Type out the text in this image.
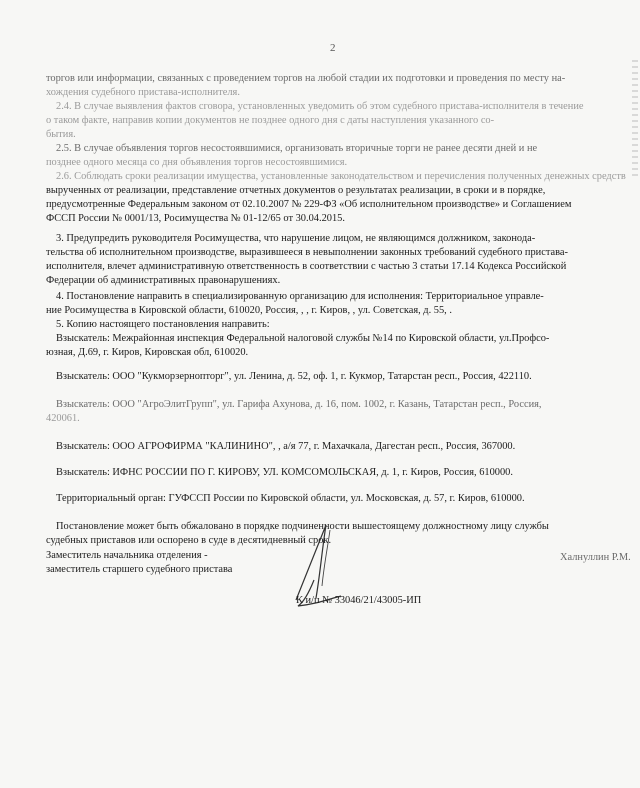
2
торгов или информации, связанных с проведением торгов на любой стадии их подготовки и проведения по месту на-
хождения судебного пристава-исполнителя.
2.4. В случае выявления фактов сговора, установленных уведомить об этом судебного пристава-исполнителя в течение
о таком факте, направив копии документов не позднее одного дня с даты наступления указанного со-
бытия.
2.5. В случае объявления торгов несостоявшимися, организовать вторичные торги не ранее десяти дней и не
позднее одного месяца со дня объявления торгов несостоявшимися.
2.6. Соблюдать сроки реализации имущества, установленные законодательством и перечисления полученных денежных средств
вырученных от реализации, представление отчетных документов о результатах реализации, в сроки и в порядке,
предусмотренные Федеральным законом от 02.10.2007 № 229-ФЗ «Об исполнительном производстве» и Соглашением
ФССП России № 0001/13, Росимущества № 01-12/65 от 30.04.2015.
3. Предупредить руководителя Росимущества, что нарушение лицом, не являющимся должником, законода-
тельства об исполнительном производстве, выразившееся в невыполнении законных требований судебного пристава-
исполнителя, влечет административную ответственность в соответствии с частью 3 статьи 17.14 Кодекса Российской
Федерации об административных правонарушениях.
4. Постановление направить в специализированную организацию для исполнения: Территориальное управле-
ние Росимущества в Кировской области, 610020, Россия, , , г. Киров, , ул. Советская, д. 55, .
5. Копию настоящего постановления направить:
Взыскатель: Межрайонная инспекция Федеральной налоговой службы №14 по Кировской области, ул.Профсо-
юзная, Д.69, г. Киров, Кировская обл, 610020.
Взыскатель: ООО "Кукморзернопторг", ул. Ленина, д. 52, оф. 1, г. Кукмор, Татарстан респ., Россия, 422110.
Взыскатель: ООО "АгроЭлитГрупп", ул. Гарифа Ахунова, д. 16, пом. 1002, г. Казань, Татарстан респ., Россия,
420061.
Взыскатель: ООО АГРОФИРМА "КАЛИНИНО", , а/я 77, г. Махачкала, Дагестан респ., Россия, 367000.
Взыскатель: ИФНС РОССИИ ПО Г. КИРОВУ, УЛ. КОМСОМОЛЬСКАЯ, д. 1, г. Киров, Россия, 610000.
Территориальный орган: ГУФССП России по Кировской области, ул. Московская, д. 57, г. Киров, 610000.
Постановление может быть обжаловано в порядке подчиненности вышестоящему должностному лицу службы
судебных приставов или оспорено в суде в десятидневный срок.
Заместитель начальника отделения -
заместитель старшего судебного пристава
Халнуллин Р.М.
К и/п № 33046/21/43005-ИП
